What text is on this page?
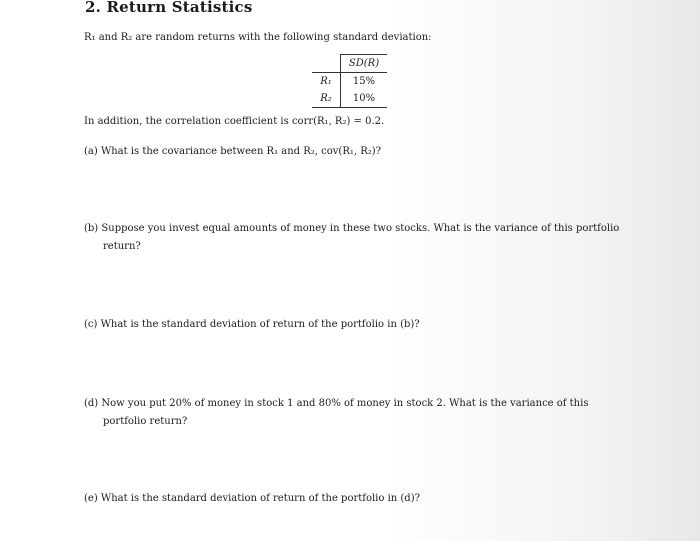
2. Return Statistics
R₁ and R₂ are random returns with the following standard deviation:
	SD(R)
R₁	15%
R₂	10%
In addition, the correlation coefficient is corr(R₁, R₂) = 0.2.
(a) What is the covariance between R₁ and R₂, cov(R₁, R₂)?
(b) Suppose you invest equal amounts of money in these two stocks. What is the variance of this portfolio
return?
(c) What is the standard deviation of return of the portfolio in (b)?
(d) Now you put 20% of money in stock 1 and 80% of money in stock 2. What is the variance of this
portfolio return?
(e) What is the standard deviation of return of the portfolio in (d)?
